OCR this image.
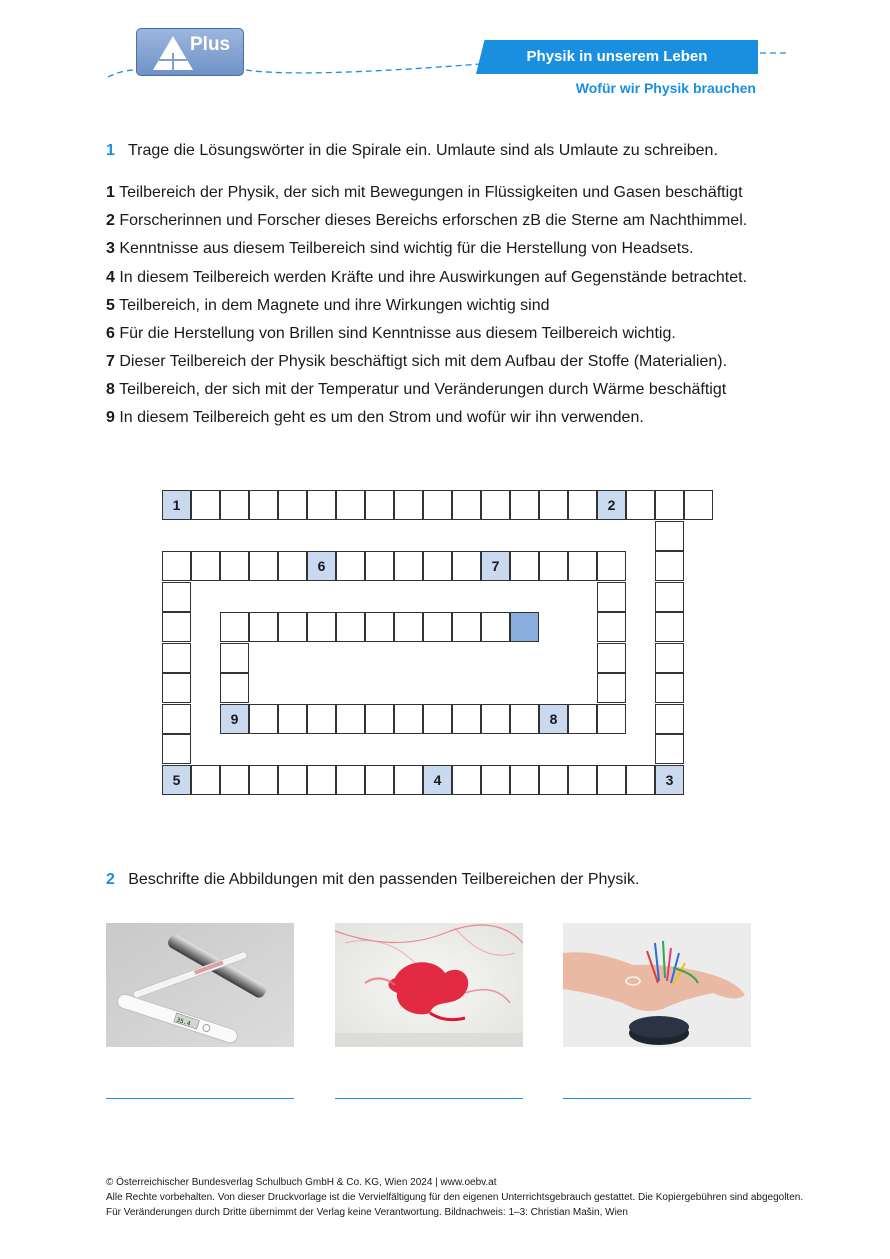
Plus
Physik in unserem Leben
Wofür wir Physik brauchen
1 Trage die Lösungswörter in die Spirale ein. Umlaute sind als Umlaute zu schreiben.
1 Teilbereich der Physik, der sich mit Bewegungen in Flüssigkeiten und Gasen beschäftigt
2 Forscherinnen und Forscher dieses Bereichs erforschen zB die Sterne am Nachthimmel.
3 Kenntnisse aus diesem Teilbereich sind wichtig für die Herstellung von Headsets.
4 In diesem Teilbereich werden Kräfte und ihre Auswirkungen auf Gegenstände betrachtet.
5 Teilbereich, in dem Magnete und ihre Wirkungen wichtig sind
6 Für die Herstellung von Brillen sind Kenntnisse aus diesem Teilbereich wichtig.
7 Dieser Teilbereich der Physik beschäftigt sich mit dem Aufbau der Stoffe (Materialien).
8 Teilbereich, der sich mit der Temperatur und Veränderungen durch Wärme beschäftigt
9 In diesem Teilbereich geht es um den Strom und wofür wir ihn verwenden.
1	2
3
5	4
6	7
9	8
2 Beschrifte die Abbildungen mit den passenden Teilbereichen der Physik.
35.4
© Österreichischer Bundesverlag Schulbuch GmbH & Co. KG, Wien 2024 | www.oebv.at
Alle Rechte vorbehalten. Von dieser Druckvorlage ist die Vervielfältigung für den eigenen Unterrichtsgebrauch gestattet. Die Kopiergebühren sind abgegolten.
Für Veränderungen durch Dritte übernimmt der Verlag keine Verantwortung. Bildnachweis: 1–3: Christian Mašin, Wien
